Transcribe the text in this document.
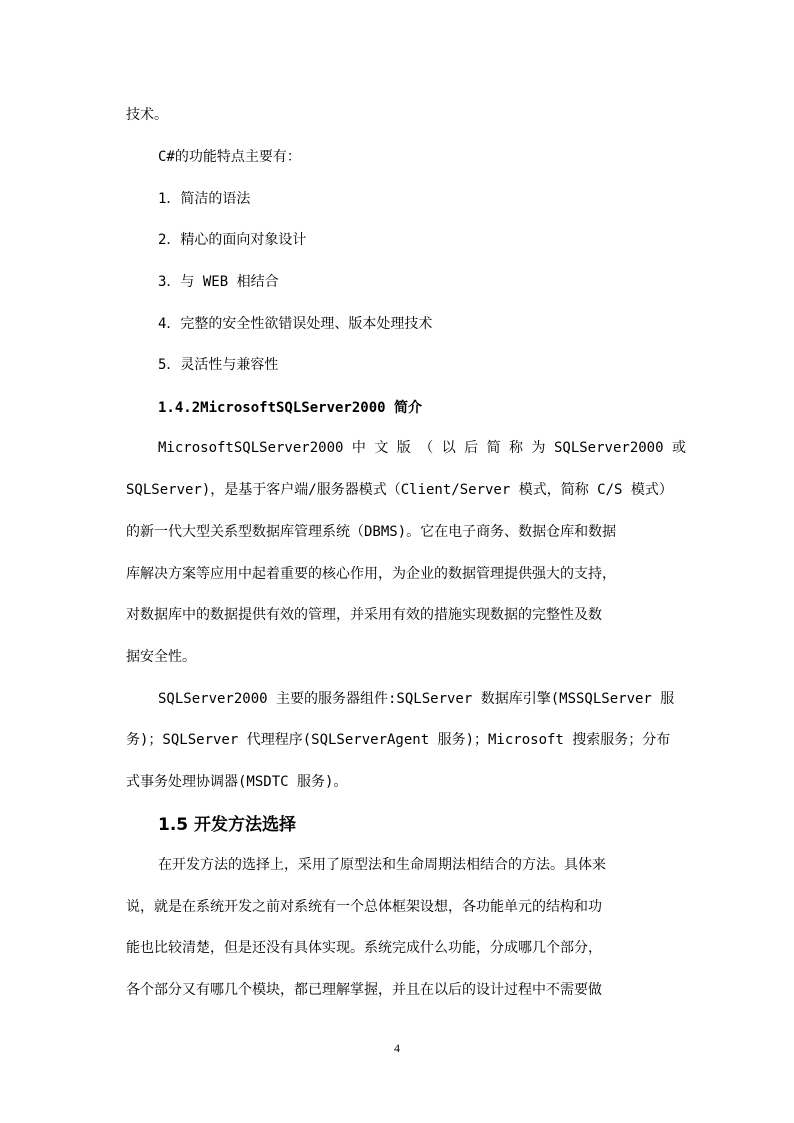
技术。
C#的功能特点主要有：
1．简洁的语法
2．精心的面向对象设计
3．与 WEB 相结合
4．完整的安全性欲错误处理、版本处理技术
5．灵活性与兼容性
1.4.2MicrosoftSQLServer2000 简介
MicrosoftSQLServer2000 中 文 版 （ 以 后 简 称 为 SQLServer2000 或
SQLServer)，是基于客户端/服务器模式（Client/Server 模式，简称 C/S 模式）
的新一代大型关系型数据库管理系统（DBMS)。它在电子商务、数据仓库和数据
库解决方案等应用中起着重要的核心作用，为企业的数据管理提供强大的支持，
对数据库中的数据提供有效的管理，并采用有效的措施实现数据的完整性及数
据安全性。
SQLServer2000 主要的服务器组件:SQLServer 数据库引擎(MSSQLServer 服
务)；SQLServer 代理程序(SQLServerAgent 服务)；Microsoft 搜索服务；分布
式事务处理协调器(MSDTC 服务)。
1.5 开发方法选择
在开发方法的选择上，采用了原型法和生命周期法相结合的方法。具体来
说，就是在系统开发之前对系统有一个总体框架设想，各功能单元的结构和功
能也比较清楚，但是还没有具体实现。系统完成什么功能，分成哪几个部分，
各个部分又有哪几个模块，都已理解掌握，并且在以后的设计过程中不需要做
4
